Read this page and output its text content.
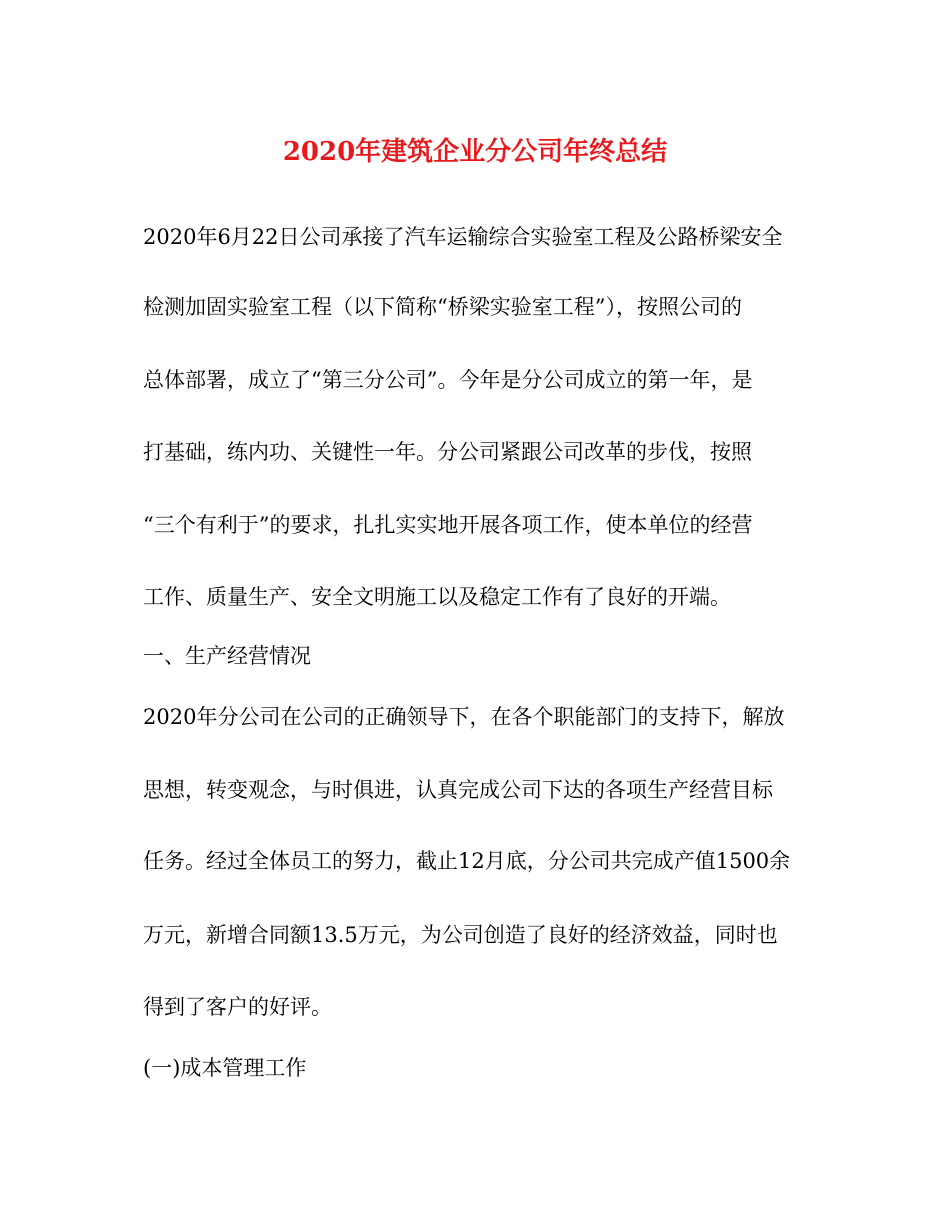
2020年建筑企业分公司年终总结
2020年6月22日公司承接了汽车运输综合实验室工程及公路桥梁安全
检测加固实验室工程（以下简称“桥梁实验室工程”），按照公司的
总体部署，成立了“第三分公司”。今年是分公司成立的第一年，是
打基础，练内功、关键性一年。分公司紧跟公司改革的步伐，按照
“三个有利于”的要求，扎扎实实地开展各项工作，使本单位的经营
工作、质量生产、安全文明施工以及稳定工作有了良好的开端。
一、生产经营情况
2020年分公司在公司的正确领导下，在各个职能部门的支持下，解放
思想，转变观念，与时俱进，认真完成公司下达的各项生产经营目标
任务。经过全体员工的努力，截止12月底，分公司共完成产值1500余
万元，新增合同额13.5万元，为公司创造了良好的经济效益，同时也
得到了客户的好评。
(一)成本管理工作
